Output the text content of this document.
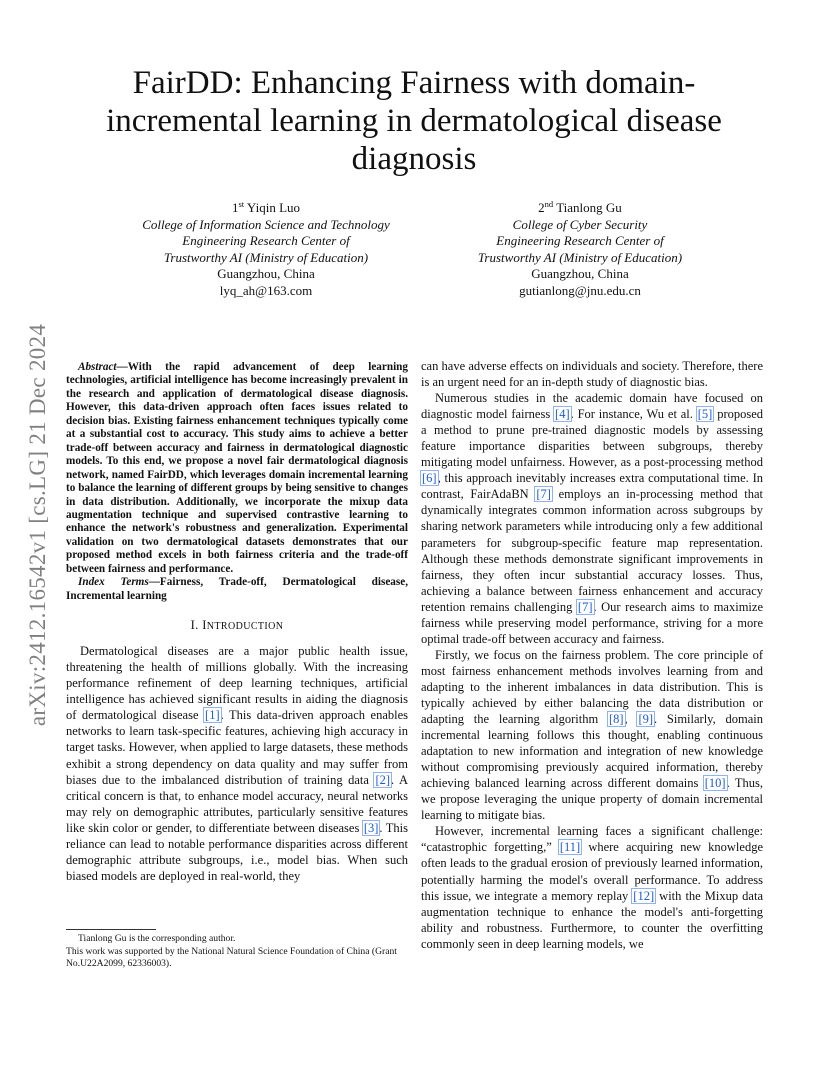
arXiv:2412.16542v1 [cs.LG] 21 Dec 2024
FairDD: Enhancing Fairness with domain-incremental learning in dermatological disease diagnosis
1st Yiqin Luo
College of Information Science and Technology
Engineering Research Center of
Trustworthy AI (Ministry of Education)
Guangzhou, China
lyq_ah@163.com
2nd Tianlong Gu
College of Cyber Security
Engineering Research Center of
Trustworthy AI (Ministry of Education)
Guangzhou, China
gutianlong@jnu.edu.cn

Abstract—With the rapid advancement of deep learning technologies, artificial intelligence has become increasingly prevalent in the research and application of dermatological disease diagnosis. However, this data-driven approach often faces issues related to decision bias. Existing fairness enhancement techniques typically come at a substantial cost to accuracy. This study aims to achieve a better trade-off between accuracy and fairness in dermatological diagnostic models. To this end, we propose a novel fair dermatological diagnosis network, named FairDD, which leverages domain incremental learning to balance the learning of different groups by being sensitive to changes in data distribution. Additionally, we incorporate the mixup data augmentation technique and supervised contrastive learning to enhance the network's robustness and generalization. Experimental validation on two dermatological datasets demonstrates that our proposed method excels in both fairness criteria and the trade-off between fairness and performance.

Index Terms—Fairness, Trade-off, Dermatological disease, Incremental learning

I. INTRODUCTION

Dermatological diseases are a major public health issue, threatening the health of millions globally. With the increasing performance refinement of deep learning techniques, artificial intelligence has achieved significant results in aiding the diagnosis of dermatological disease [1]. This data-driven approach enables networks to learn task-specific features, achieving high accuracy in target tasks. However, when applied to large datasets, these methods exhibit a strong dependency on data quality and may suffer from biases due to the imbalanced distribution of training data [2]. A critical concern is that, to enhance model accuracy, neural networks may rely on demographic attributes, particularly sensitive features like skin color or gender, to differentiate between diseases [3]. This reliance can lead to notable performance disparities across different demographic attribute subgroups, i.e., model bias. When such biased models are deployed in real-world, they

Tianlong Gu is the corresponding author.

This work was supported by the National Natural Science Foundation of China (Grant No.U22A2099, 62336003).

can have adverse effects on individuals and society. Therefore, there is an urgent need for an in-depth study of diagnostic bias.

Numerous studies in the academic domain have focused on diagnostic model fairness [4]. For instance, Wu et al. [5] proposed a method to prune pre-trained diagnostic models by assessing feature importance disparities between subgroups, thereby mitigating model unfairness. However, as a post-processing method [6], this approach inevitably increases extra computational time. In contrast, FairAdaBN [7] employs an in-processing method that dynamically integrates common information across subgroups by sharing network parameters while introducing only a few additional parameters for subgroup-specific feature map representation. Although these methods demonstrate significant improvements in fairness, they often incur substantial accuracy losses. Thus, achieving a balance between fairness enhancement and accuracy retention remains challenging [7]. Our research aims to maximize fairness while preserving model performance, striving for a more optimal trade-off between accuracy and fairness.

Firstly, we focus on the fairness problem. The core principle of most fairness enhancement methods involves learning from and adapting to the inherent imbalances in data distribution. This is typically achieved by either balancing the data distribution or adapting the learning algorithm [8], [9]. Similarly, domain incremental learning follows this thought, enabling continuous adaptation to new information and integration of new knowledge without compromising previously acquired information, thereby achieving balanced learning across different domains [10]. Thus, we propose leveraging the unique property of domain incremental learning to mitigate bias.

However, incremental learning faces a significant challenge: “catastrophic forgetting,” [11] where acquiring new knowledge often leads to the gradual erosion of previously learned information, potentially harming the model's overall performance. To address this issue, we integrate a memory replay [12] with the Mixup data augmentation technique to enhance the model's anti-forgetting ability and robustness. Furthermore, to counter the overfitting commonly seen in deep learning models, we
